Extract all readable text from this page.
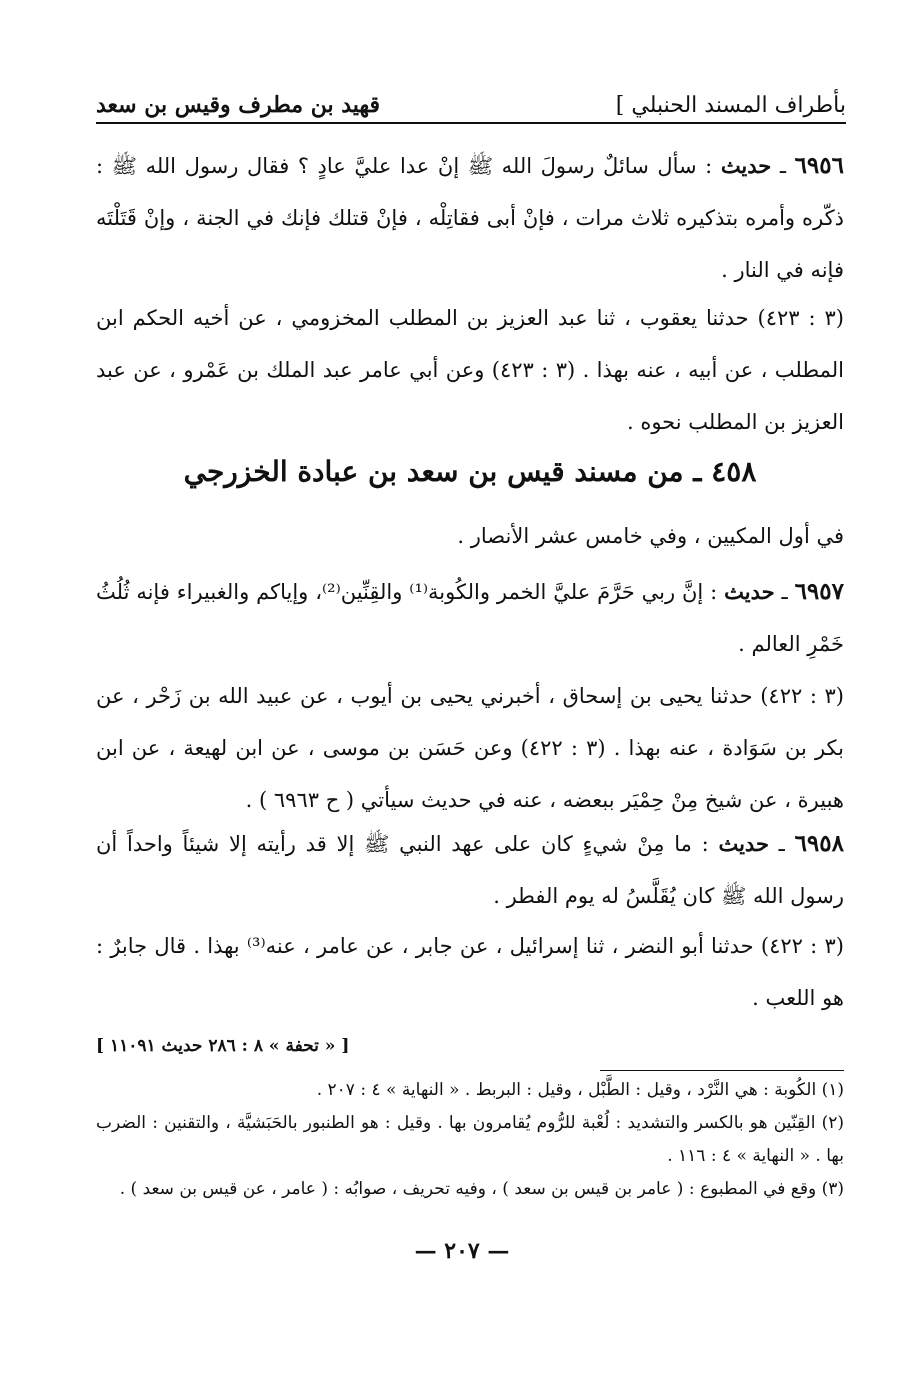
بأطراف المسند الحنبلي ]
قهيد بن مطرف وقيس بن سعد
٦٩٥٦ ـ حديث : سأل سائلٌ رسولَ الله ﷺ إنْ عدا عليَّ عادٍ ؟ فقال رسول الله ﷺ : ذكّره وأمره بتذكيره ثلاث مرات ، فإنْ أبى فقاتِلْه ، فإنْ قتلك فإنك في الجنة ، وإنْ قَتَلْتَه فإنه في النار .
(٣ : ٤٢٣) حدثنا يعقوب ، ثنا عبد العزيز بن المطلب المخزومي ، عن أخيه الحكم ابن المطلب ، عن أبيه ، عنه بهذا . (٣ : ٤٢٣) وعن أبي عامر عبد الملك بن عَمْرو ، عن عبد العزيز بن المطلب نحوه .
٤٥٨ ـ من مسند قيس بن سعد بن عبادة الخزرجي
في أول المكيين ، وفي خامس عشر الأنصار .
٦٩٥٧ ـ حديث : إنَّ ربي حَرَّمَ عليَّ الخمر والكُوبة⁽¹⁾ والقِنِّين⁽²⁾، وإياكم والغبيراء فإنه ثُلُثُ خَمْرِ العالم .
(٣ : ٤٢٢) حدثنا يحيى بن إسحاق ، أخبرني يحيى بن أيوب ، عن عبيد الله بن زَحْر ، عن بكر بن سَوَادة ، عنه بهذا . (٣ : ٤٢٢) وعن حَسَن بن موسى ، عن ابن لهيعة ، عن ابن هبيرة ، عن شيخ مِنْ حِمْيَر ببعضه ، عنه في حديث سيأتي ( ح ٦٩٦٣ ) .
٦٩٥٨ ـ حديث : ما مِنْ شيءٍ كان على عهد النبي ﷺ إلا قد رأيته إلا شيئاً واحداً أن رسول الله ﷺ كان يُقَلَّسُ له يوم الفطر .
(٣ : ٤٢٢) حدثنا أبو النضر ، ثنا إسرائيل ، عن جابر ، عن عامر ، عنه⁽³⁾ بهذا . قال جابرٌ : هو اللعب .
[ « تحفة » ٨ : ٢٨٦ حديث ١١٠٩١ ]
(١) الكُوبة : هي النَّرْد ، وقيل : الطَّبْل ، وقيل : البربط . « النهاية » ٤ : ٢٠٧ .
(٢) القِنّين هو بالكسر والتشديد : لُعْبة للرُّوم يُقامرون بها . وقيل : هو الطنبور بالحَبَشيَّة ، والتقنين : الضرب بها . « النهاية » ٤ : ١١٦ .
(٣) وقع في المطبوع : ( عامر بن قيس بن سعد ) ، وفيه تحريف ، صوابُه : ( عامر ، عن قيس بن سعد ) .
— ٢٠٧ —
